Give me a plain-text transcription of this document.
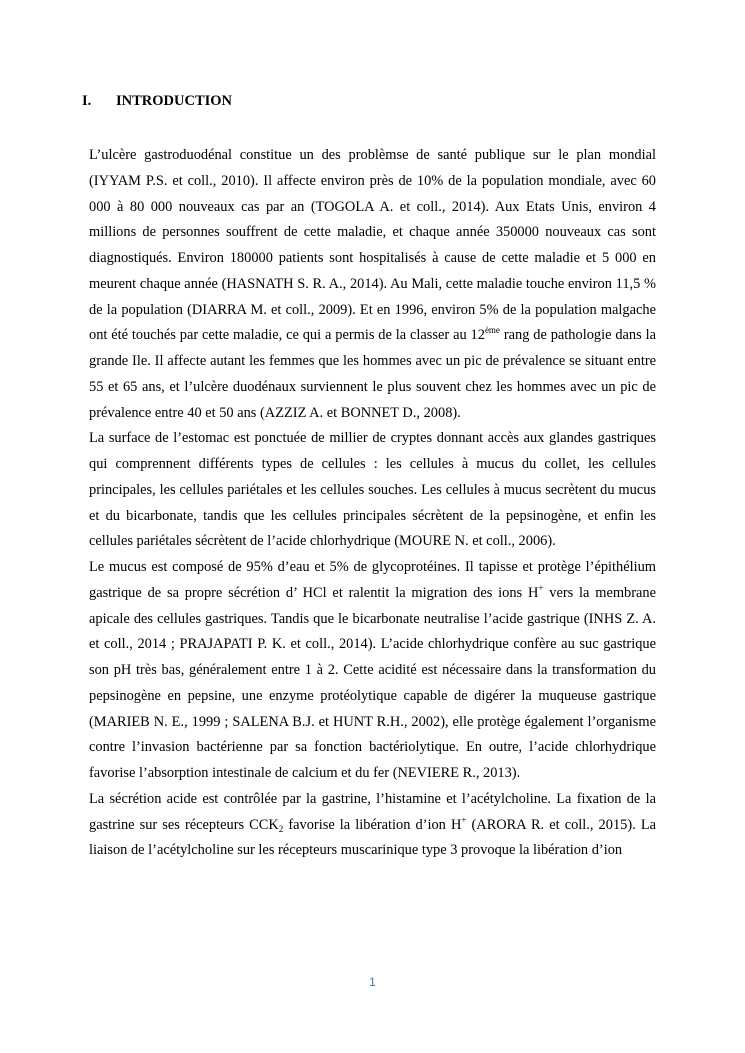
I. INTRODUCTION

L’ulcère gastroduodénal constitue un des problèmse de santé publique sur le plan mondial (IYYAM P.S. et coll., 2010). Il affecte environ près de 10% de la population mondiale, avec 60 000 à 80 000 nouveaux cas par an (TOGOLA A. et coll., 2014). Aux Etats Unis, environ 4 millions de personnes souffrent de cette maladie, et chaque année 350000 nouveaux cas sont diagnostiqués. Environ 180000 patients sont hospitalisés à cause de cette maladie et 5 000 en meurent chaque année (HASNATH S. R. A., 2014). Au Mali, cette maladie touche environ 11,5 % de la population (DIARRA M. et coll., 2009). Et en 1996, environ 5% de la population malgache ont été touchés par cette maladie, ce qui a permis de la classer au 12ème rang de pathologie dans la grande Ile. Il affecte autant les femmes que les hommes avec un pic de prévalence se situant entre 55 et 65 ans, et l’ulcère duodénaux surviennent le plus souvent chez les hommes avec un pic de prévalence entre 40 et 50 ans (AZZIZ A. et BONNET D., 2008).

La surface de l’estomac est ponctuée de millier de cryptes donnant accès aux glandes gastriques qui comprennent différents types de cellules : les cellules à mucus du collet, les cellules principales, les cellules pariétales et les cellules souches. Les cellules à mucus secrètent du mucus et du bicarbonate, tandis que les cellules principales sécrètent de la pepsinogène, et enfin les cellules pariétales sécrètent de l’acide chlorhydrique (MOURE N. et coll., 2006).

Le mucus est composé de 95% d’eau et 5% de glycoprotéines. Il tapisse et protège l’épithélium gastrique de sa propre sécrétion d’ HCl et ralentit la migration des ions H+ vers la membrane apicale des cellules gastriques. Tandis que le bicarbonate neutralise l’acide gastrique (INHS Z. A. et coll., 2014 ; PRAJAPATI P. K. et coll., 2014). L’acide chlorhydrique confère au suc gastrique son pH très bas, généralement entre 1 à 2. Cette acidité est nécessaire dans la transformation du pepsinogène en pepsine, une enzyme protéolytique capable de digérer la muqueuse gastrique (MARIEB N. E., 1999 ; SALENA B.J. et HUNT R.H., 2002), elle protège également l’organisme contre l’invasion bactérienne par sa fonction bactériolytique. En outre, l’acide chlorhydrique favorise l’absorption intestinale de calcium et du fer (NEVIERE R., 2013).

La sécrétion acide est contrôlée par la gastrine, l’histamine et l’acétylcholine. La fixation de la gastrine sur ses récepteurs $CCK_2$ favorise la libération d’ion H+ (ARORA R. et coll., 2015). La liaison de l’acétylcholine sur les récepteurs muscarinique type 3 provoque la libération d’ion

1
